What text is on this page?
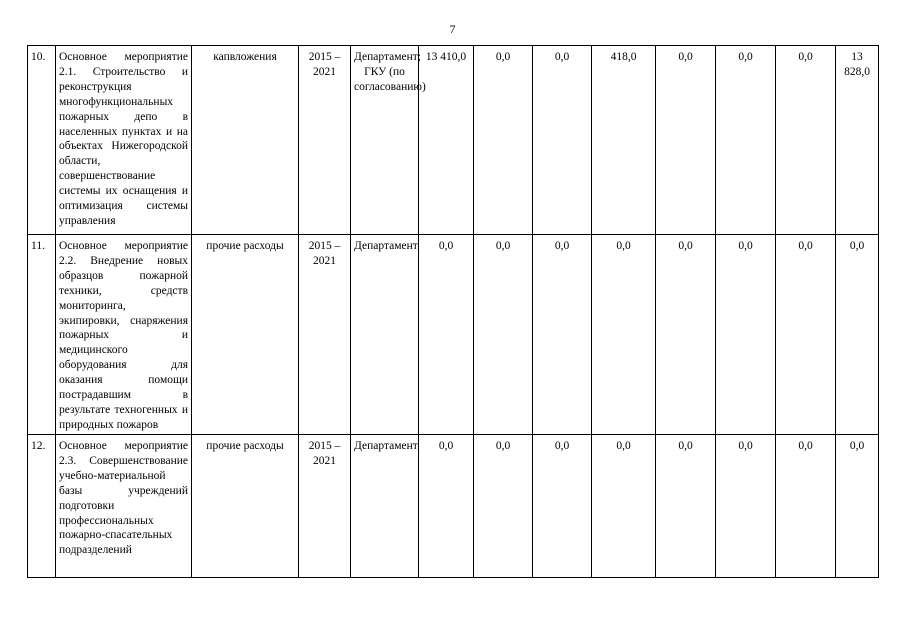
7
10.	Основное мероприятие 2.1. Строительство и реконструкция многофункциональных пожарных депо в населенных пунктах и на объектах Нижегородской области, совершенствование системы их оснащения и оптимизация системы управления	капвложения	2015 – 2021	Департамент; ГКУ (по согласованию)	13 410,0	0,0	0,0	418,0	0,0	0,0	0,0	13 828,0
11.	Основное мероприятие 2.2. Внедрение новых образцов пожарной техники, средств мониторинга, экипировки, снаряжения пожарных и медицинского оборудования для оказания помощи пострадавшим в результате техногенных и природных пожаров	прочие расходы	2015 – 2021	Департамент	0,0	0,0	0,0	0,0	0,0	0,0	0,0	0,0
12.	Основное мероприятие 2.3. Совершенствование учебно-материальной базы учреждений подготовки профессиональных пожарно-спасательных подразделений	прочие расходы	2015 – 2021	Департамент	0,0	0,0	0,0	0,0	0,0	0,0	0,0	0,0
